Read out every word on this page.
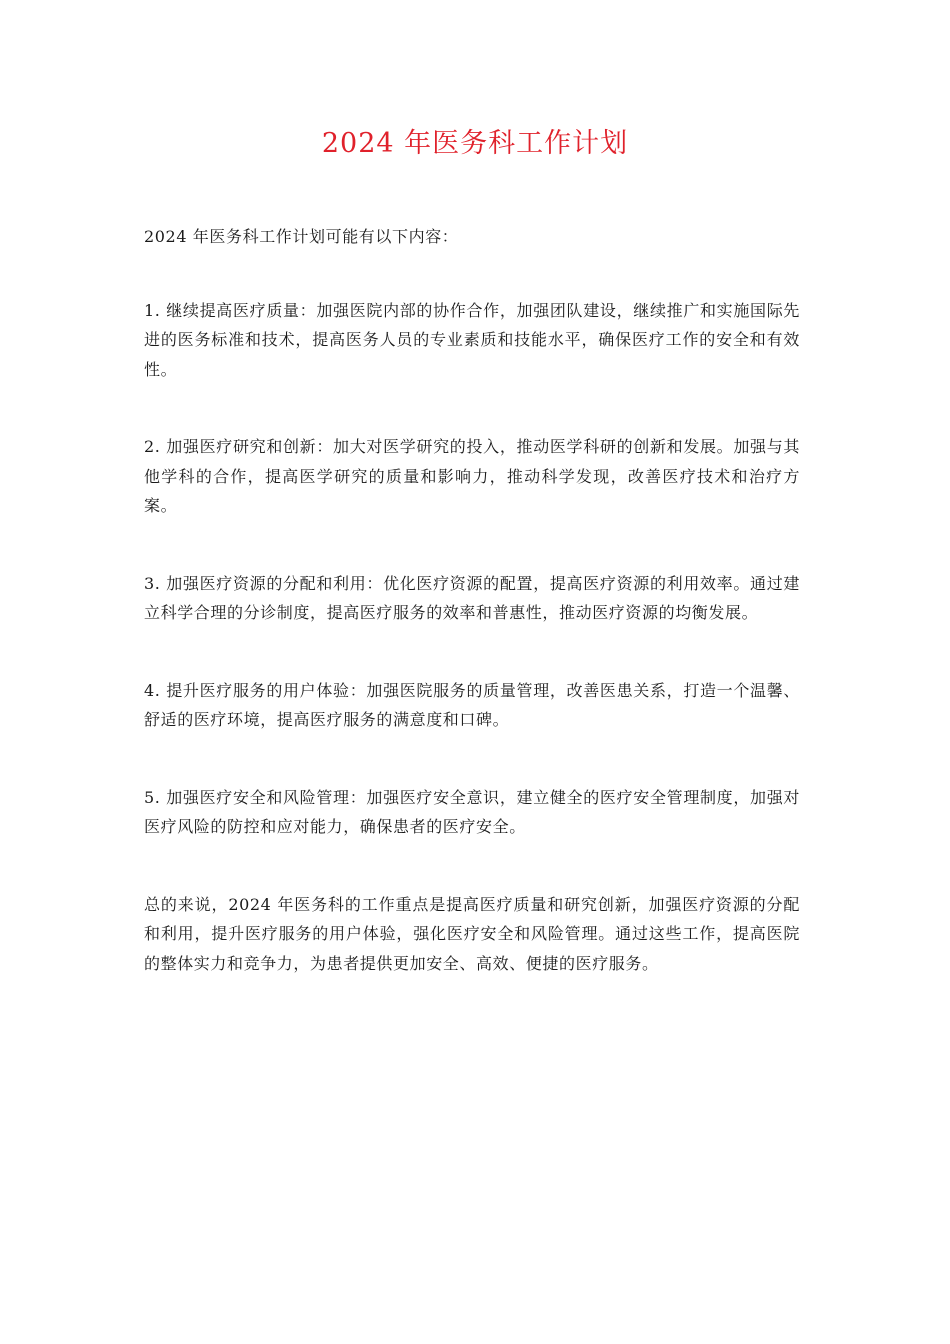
2024 年医务科工作计划

2024 年医务科工作计划可能有以下内容：

1. 继续提高医疗质量：加强医院内部的协作合作，加强团队建设，继续推广和实施国际先进的医务标准和技术，提高医务人员的专业素质和技能水平，确保医疗工作的安全和有效性。

2. 加强医疗研究和创新：加大对医学研究的投入，推动医学科研的创新和发展。加强与其他学科的合作，提高医学研究的质量和影响力，推动科学发现，改善医疗技术和治疗方案。

3. 加强医疗资源的分配和利用：优化医疗资源的配置，提高医疗资源的利用效率。通过建立科学合理的分诊制度，提高医疗服务的效率和普惠性，推动医疗资源的均衡发展。

4. 提升医疗服务的用户体验：加强医院服务的质量管理，改善医患关系，打造一个温馨、舒适的医疗环境，提高医疗服务的满意度和口碑。

5. 加强医疗安全和风险管理：加强医疗安全意识，建立健全的医疗安全管理制度，加强对医疗风险的防控和应对能力，确保患者的医疗安全。

总的来说，2024 年医务科的工作重点是提高医疗质量和研究创新，加强医疗资源的分配和利用，提升医疗服务的用户体验，强化医疗安全和风险管理。通过这些工作，提高医院的整体实力和竞争力，为患者提供更加安全、高效、便捷的医疗服务。
